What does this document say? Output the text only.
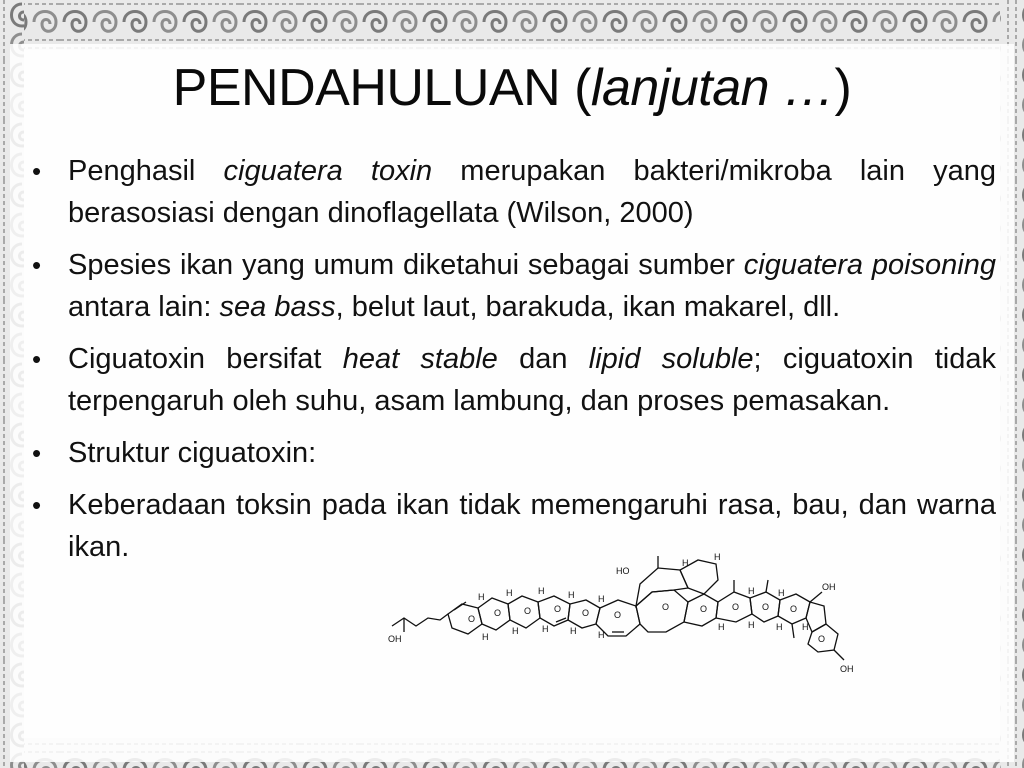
PENDAHULUAN (lanjutan …)
• Penghasil ciguatera toxin merupakan bakteri/mikroba lain yang berasosiasi dengan dinoflagellata (Wilson, 2000)
• Spesies ikan yang umum diketahui sebagai sumber ciguatera poisoning antara lain: sea bass, belut laut, barakuda, ikan makarel, dll.
• Ciguatoxin bersifat heat stable dan lipid soluble; ciguatoxin tidak terpengaruh oleh suhu, asam lambung, dan proses pemasakan.
• Struktur ciguatoxin:
• Keberadaan toksin pada ikan tidak memengaruhi rasa, bau, dan warna ikan.
OH
HO
OH
OH
O
O	O	O O	O
O	O	O	O O
O
H H	H	H	H
H
H
H	H
H
H	H H H
H	H H H
